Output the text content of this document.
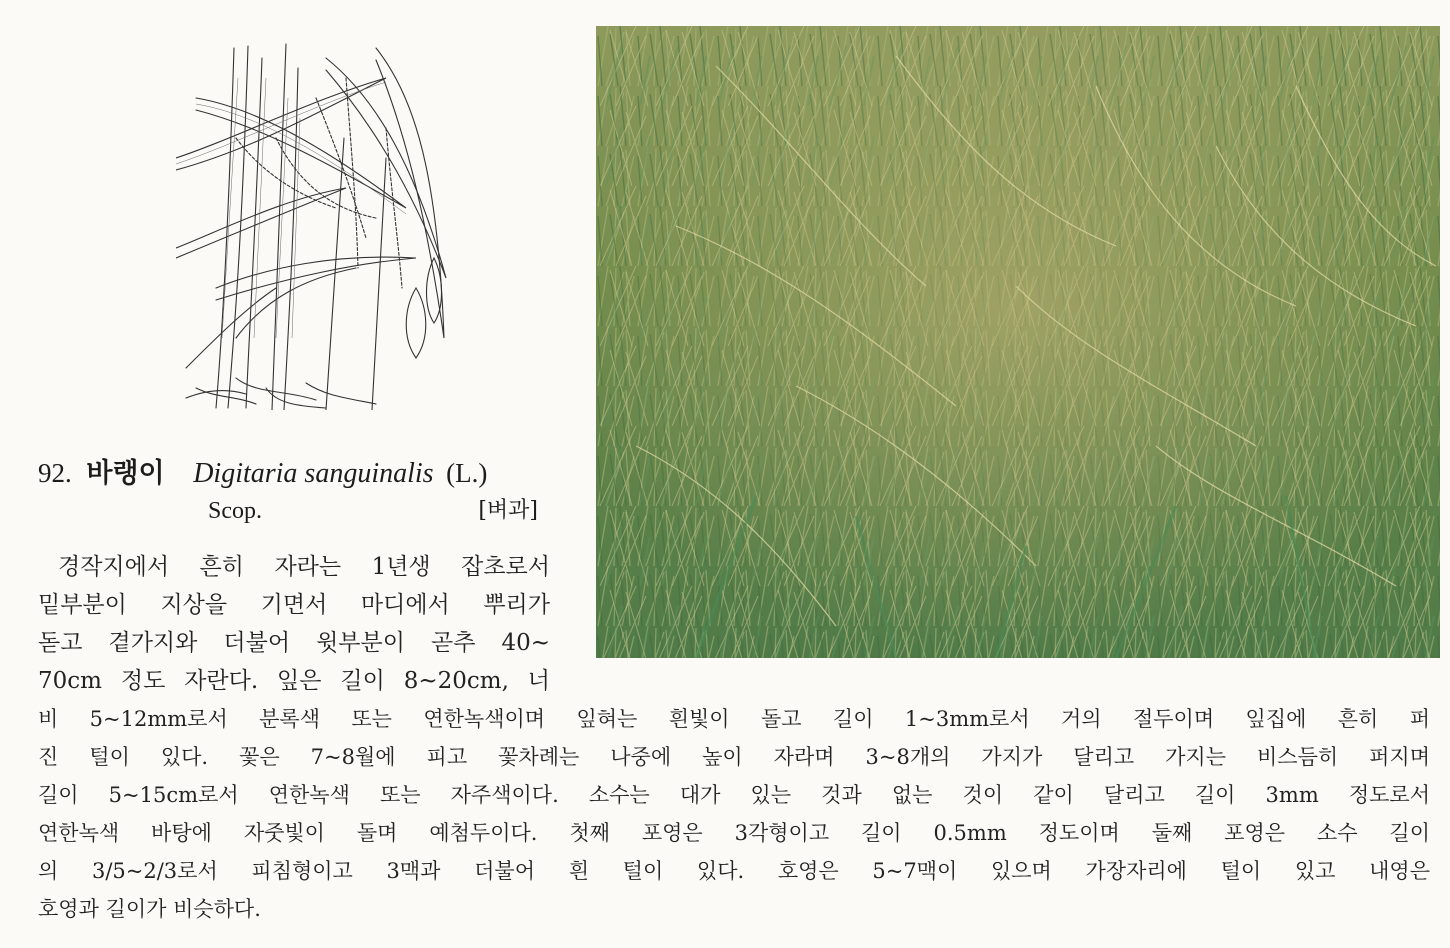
92. 바랭이 Digitaria sanguinalis (L.)
Scop.	[벼과]
경작지에서 흔히 자라는 1년생 잡초로서
밑부분이 지상을 기면서 마디에서 뿌리가
돋고 곁가지와 더불어 윗부분이 곧추 40~
70cm 정도 자란다. 잎은 길이 8~20cm, 너
비 5~12mm로서 분록색 또는 연한녹색이며 잎혀는 흰빛이 돌고 길이 1~3mm로서 거의 절두이며 잎집에 흔히 퍼
진 털이 있다. 꽃은 7~8월에 피고 꽃차례는 나중에 높이 자라며 3~8개의 가지가 달리고 가지는 비스듬히 퍼지며
길이 5~15cm로서 연한녹색 또는 자주색이다. 소수는 대가 있는 것과 없는 것이 같이 달리고 길이 3mm 정도로서
연한녹색 바탕에 자줏빛이 돌며 예첨두이다. 첫째 포영은 3각형이고 길이 0.5mm 정도이며 둘째 포영은 소수 길이
의 3/5~2/3로서 피침형이고 3맥과 더불어 흰 털이 있다. 호영은 5~7맥이 있으며 가장자리에 털이 있고 내영은
호영과 길이가 비슷하다.
